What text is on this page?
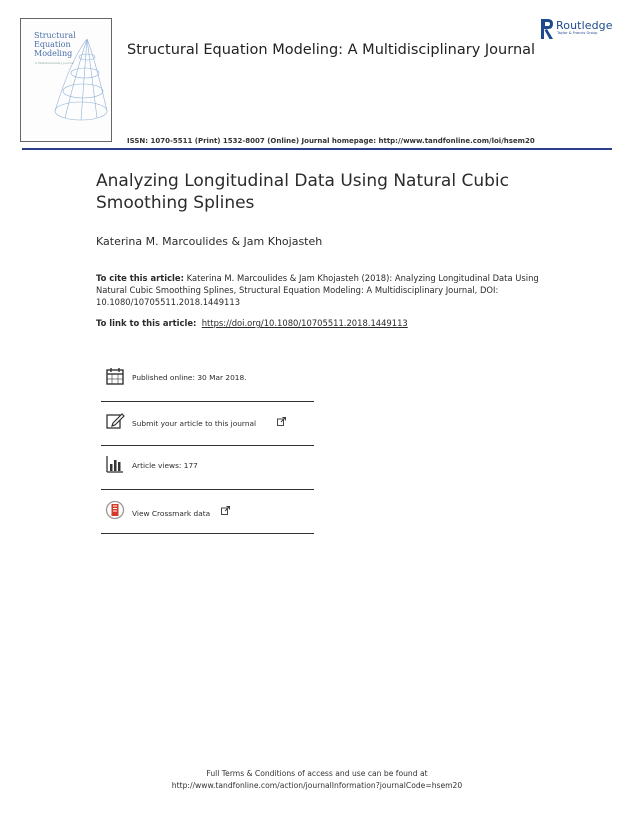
Structural
Equation
Modeling
A Multidisciplinary Journal
Structural Equation Modeling: A Multidisciplinary Journal
Routledge
Taylor & Francis Group
ISSN: 1070-5511 (Print) 1532-8007 (Online) Journal homepage: http://www.tandfonline.com/loi/hsem20
Analyzing Longitudinal Data Using Natural Cubic Smoothing Splines
Katerina M. Marcoulides & Jam Khojasteh
To cite this article: Katerina M. Marcoulides & Jam Khojasteh (2018): Analyzing Longitudinal Data Using Natural Cubic Smoothing Splines, Structural Equation Modeling: A Multidisciplinary Journal, DOI: 10.1080/10705511.2018.1449113
To link to this article: https://doi.org/10.1080/10705511.2018.1449113
Published online: 30 Mar 2018.
Submit your article to this journal
Article views: 177
View Crossmark data
Full Terms & Conditions of access and use can be found at
http://www.tandfonline.com/action/journalInformation?journalCode=hsem20
